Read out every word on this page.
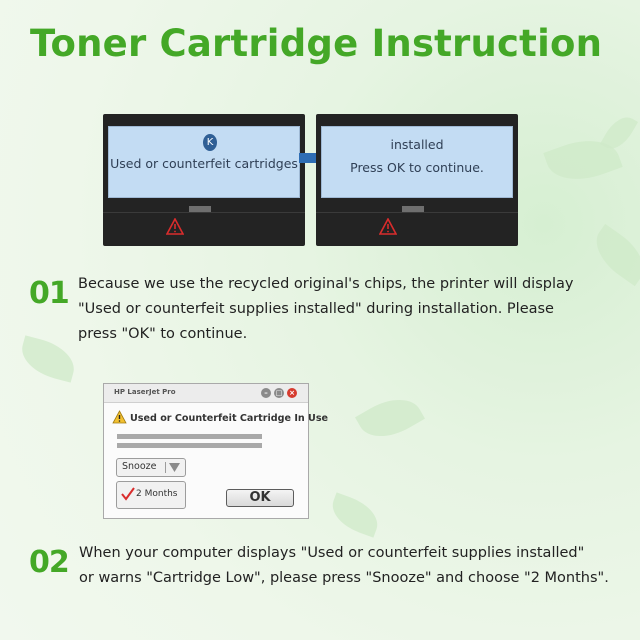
Toner Cartridge Instruction
K
Used or counterfeit cartridges
installed
Press OK to continue.
01 Because we use the recycled original's chips, the printer will display
"Used or counterfeit supplies installed" during installation. Please
press "OK" to continue.
HP LaserJet Pro	–	□ ×
Used or Counterfeit Cartridge In Use
Snooze
2 Months	OK
02 When your computer displays "Used or counterfeit supplies installed"
or warns "Cartridge Low", please press "Snooze" and choose "2 Months".
